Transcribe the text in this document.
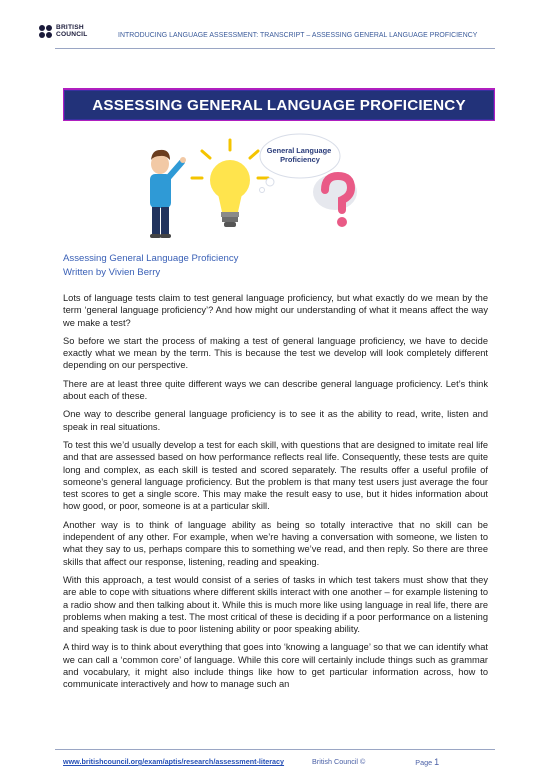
BRITISH
COUNCIL	INTRODUCING LANGUAGE ASSESSMENT: TRANSCRIPT – ASSESSING GENERAL LANGUAGE PROFICIENCY
ASSESSING GENERAL LANGUAGE PROFICIENCY
General Language Proficiency
Assessing General Language Proficiency
Written by Vivien Berry

Lots of language tests claim to test general language proficiency, but what exactly do we mean by the term ‘general language proficiency’? And how might our understanding of what it means affect the way we make a test?

So before we start the process of making a test of general language proficiency, we have to decide exactly what we mean by the term. This is because the test we develop will look completely different depending on our perspective.

There are at least three quite different ways we can describe general language proficiency. Let’s think about each of these.

One way to describe general language proficiency is to see it as the ability to read, write, listen and speak in real situations.

To test this we’d usually develop a test for each skill, with questions that are designed to imitate real life and that are assessed based on how performance reflects real life. Consequently, these tests are quite long and complex, as each skill is tested and scored separately. The results offer a useful profile of someone’s general language proficiency. But the problem is that many test users just average the four test scores to get a single score. This may make the result easy to use, but it hides information about how good, or poor, someone is at a particular skill.

Another way is to think of language ability as being so totally interactive that no skill can be independent of any other. For example, when we’re having a conversation with someone, we listen to what they say to us, perhaps compare this to something we’ve read, and then reply. So there are three skills that affect our response, listening, reading and speaking.

With this approach, a test would consist of a series of tasks in which test takers must show that they are able to cope with situations where different skills interact with one another – for example listening to a radio show and then talking about it. While this is much more like using language in real life, there are problems when making a test. The most critical of these is deciding if a poor performance on a listening and speaking task is due to poor listening ability or poor speaking ability.

A third way is to think about everything that goes into ‘knowing a language’ so that we can identify what we can call a ‘common core’ of language. While this core will certainly include things such as grammar and vocabulary, it might also include things like how to get particular information across, how to communicate interactively and how to manage such an

www.britishcouncil.org/exam/aptis/research/assessment-literacy	British Council ©	Page 1
